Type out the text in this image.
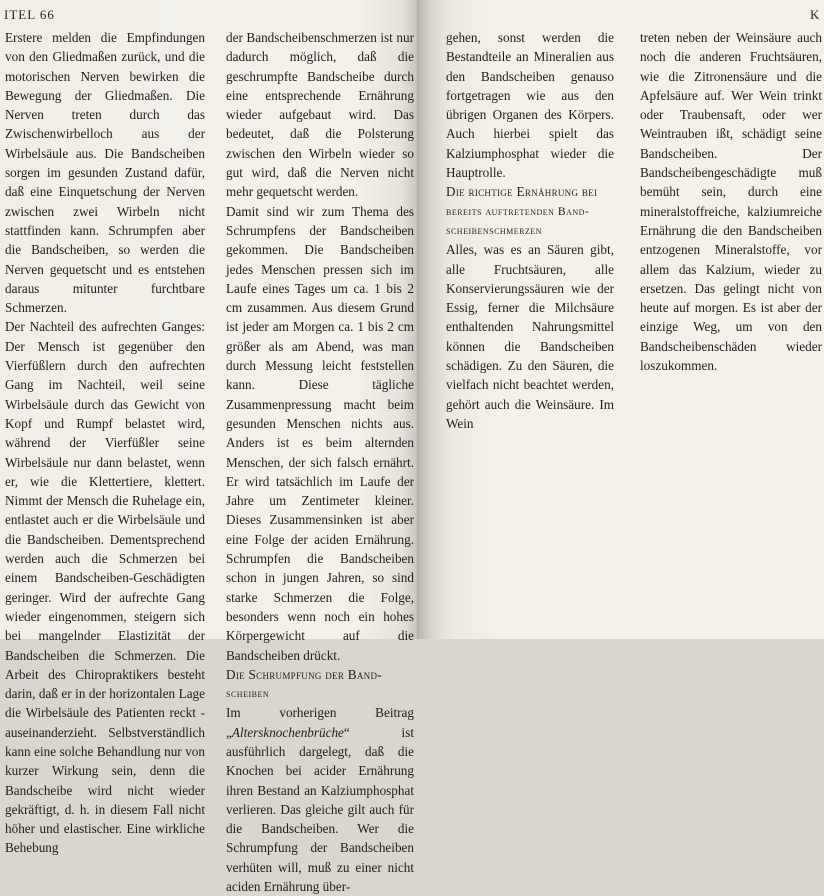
ITEL 66

Erstere melden die Empfindungen von den Gliedmaßen zurück, und die motorischen Nerven bewirken die Bewegung der Gliedmaßen. Die Nerven treten durch das Zwischenwirbelloch aus der Wirbelsäule aus. Die Bandscheiben sorgen im gesunden Zustand dafür, daß eine Einquetschung der Nerven zwischen zwei Wirbeln nicht stattfinden kann. Schrumpfen aber die Bandscheiben, so werden die Nerven gequetscht und es entstehen daraus mitunter furchtbare Schmerzen.

Der Nachteil des aufrechten Ganges: Der Mensch ist gegenüber den Vierfüßlern durch den aufrechten Gang im Nachteil, weil seine Wirbelsäule durch das Gewicht von Kopf und Rumpf belastet wird, während der Vierfüßler seine Wirbelsäule nur dann belastet, wenn er, wie die Klettertiere, klettert. Nimmt der Mensch die Ruhelage ein, entlastet auch er die Wirbelsäule und die Bandscheiben. Dementsprechend werden auch die Schmerzen bei einem Bandscheiben-Geschädigten geringer. Wird der aufrechte Gang wieder eingenommen, steigern sich bei mangelnder Elastizität der Bandscheiben die Schmerzen. Die Arbeit des Chiropraktikers besteht darin, daß er in der horizontalen Lage die Wirbelsäule des Patienten reckt - auseinanderzieht. Selbstverständlich kann eine solche Behandlung nur von kurzer Wirkung sein, denn die Bandscheibe wird nicht wieder gekräftigt, d. h. in diesem Fall nicht höher und elastischer. Eine wirkliche Behebung

der Bandscheibenschmerzen ist nur dadurch möglich, daß die geschrumpfte Bandscheibe durch eine entsprechende Ernährung wieder aufgebaut wird. Das bedeutet, daß die Polsterung zwischen den Wirbeln wieder so gut wird, daß die Nerven nicht mehr gequetscht werden.

Damit sind wir zum Thema des Schrumpfens der Bandscheiben gekommen. Die Bandscheiben jedes Menschen pressen sich im Laufe eines Tages um ca. 1 bis 2 cm zusammen. Aus diesem Grund ist jeder am Morgen ca. 1 bis 2 cm größer als am Abend, was man durch Messung leicht feststellen kann. Diese tägliche Zusammenpressung macht beim gesunden Menschen nichts aus. Anders ist es beim alternden Menschen, der sich falsch ernährt. Er wird tatsächlich im Laufe der Jahre um Zentimeter kleiner. Dieses Zusammensinken ist aber eine Folge der aciden Ernährung. Schrumpfen die Bandscheiben schon in jungen Jahren, so sind starke Schmerzen die Folge, besonders wenn noch ein hohes Körpergewicht auf die Bandscheiben drückt.

Die Schrumpfung der Band-

scheiben

Im vorherigen Beitrag „Altersknochenbrüche“ ist ausführlich dargelegt, daß die Knochen bei acider Ernährung ihren Bestand an Kalziumphosphat verlieren. Das gleiche gilt auch für die Bandscheiben. Wer die Schrumpfung der Bandscheiben verhüten will, muß zu einer nicht aciden Ernährung über-

K

gehen, sonst werden die Bestandteile an Mineralien aus den Bandscheiben genauso fortgetragen wie aus den übrigen Organen des Körpers. Auch hierbei spielt das Kalziumphosphat wieder die Hauptrolle.

Die richtige Ernährung bei

bereits auftretenden Band-
scheibenschmerzen

Alles, was es an Säuren gibt, alle Fruchtsäuren, alle Konservierungssäuren wie der Essig, ferner die Milchsäure enthaltenden Nahrungsmittel können die Bandscheiben schädigen. Zu den Säuren, die vielfach nicht beachtet werden, gehört auch die Weinsäure. Im Wein

treten neben der Weinsäure auch noch die anderen Fruchtsäuren, wie die Zitronensäure und die Apfelsäure auf. Wer Wein trinkt oder Traubensaft, oder wer Weintrauben ißt, schädigt seine Bandscheiben. Der Bandscheibengeschädigte muß bemüht sein, durch eine mineralstoffreiche, kalziumreiche Ernährung die den Bandscheiben entzogenen Mineralstoffe, vor allem das Kalzium, wieder zu ersetzen. Das gelingt nicht von heute auf morgen. Es ist aber der einzige Weg, um von den Bandscheibenschäden wieder loszukommen.
